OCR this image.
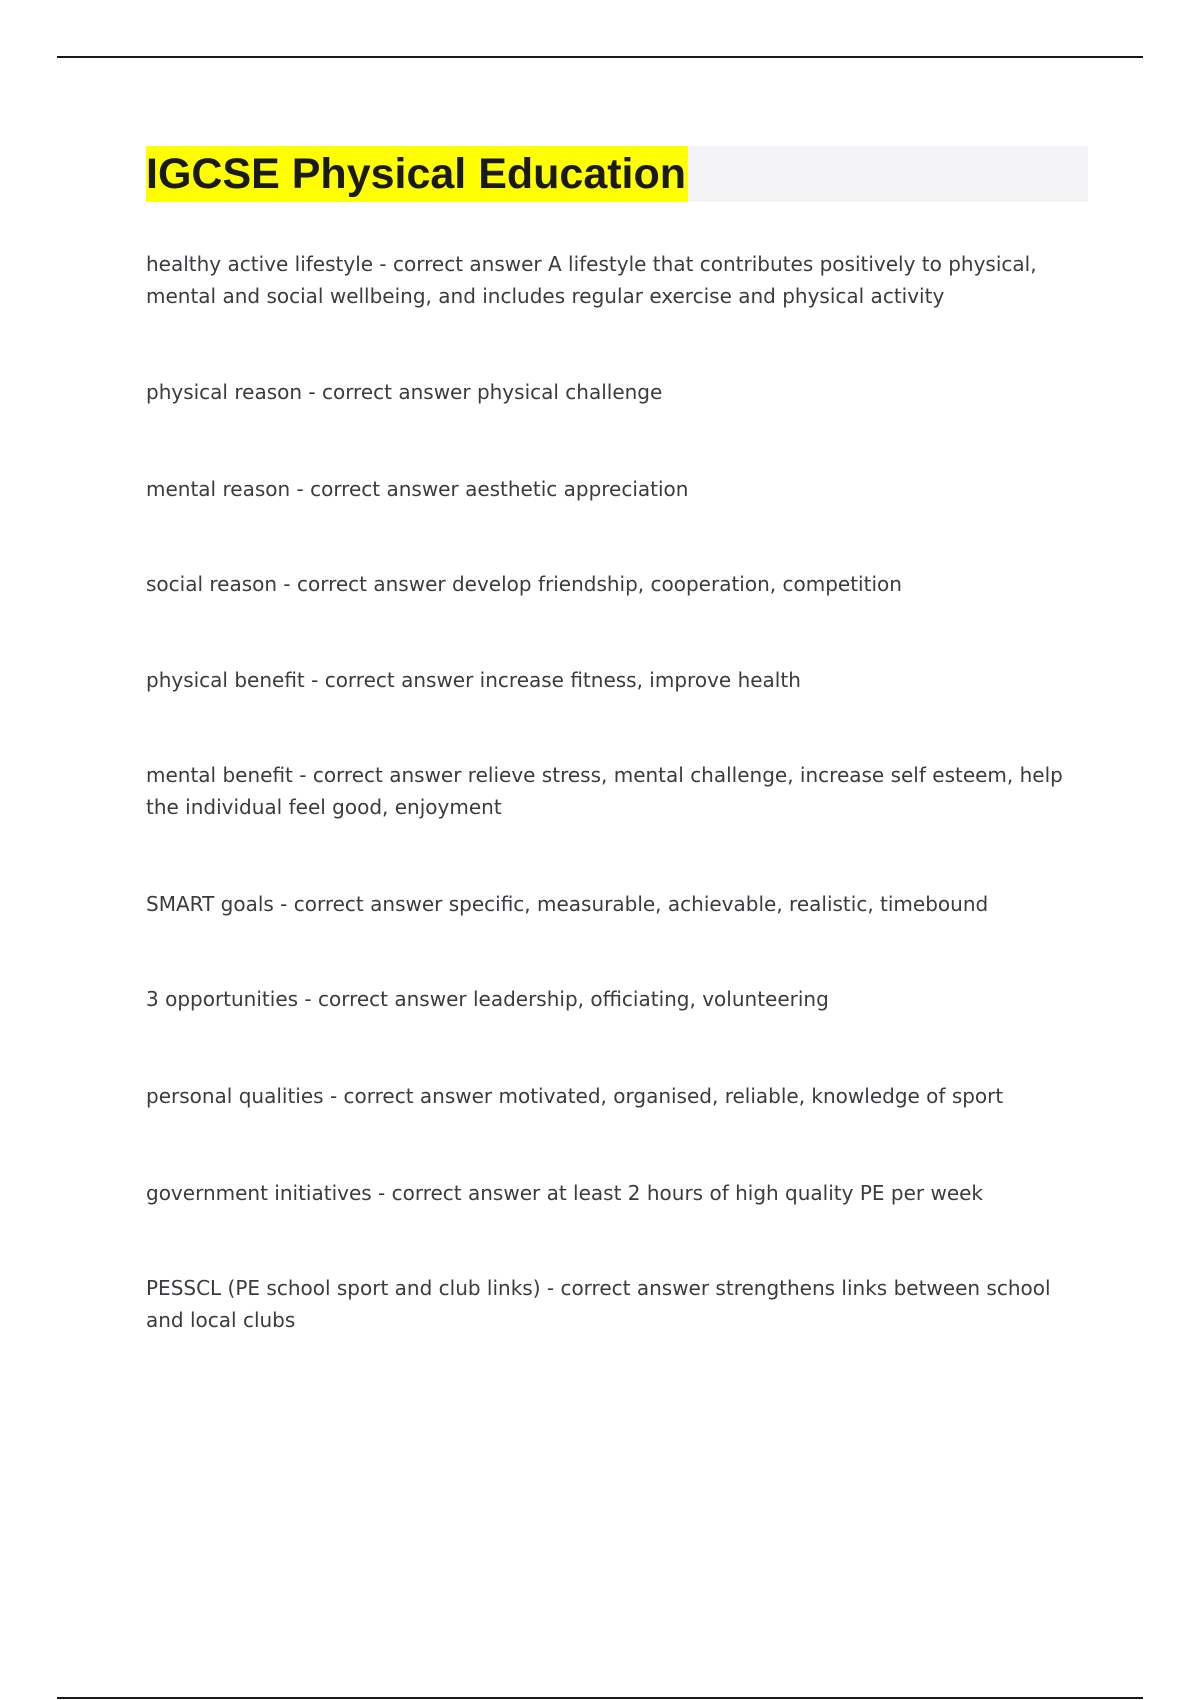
IGCSE Physical Education

healthy active lifestyle - correct answer A lifestyle that contributes positively to physical, mental and social wellbeing, and includes regular exercise and physical activity

physical reason - correct answer physical challenge

mental reason - correct answer aesthetic appreciation

social reason - correct answer develop friendship, cooperation, competition

physical benefit - correct answer increase fitness, improve health

mental benefit - correct answer relieve stress, mental challenge, increase self esteem, help the individual feel good, enjoyment

SMART goals - correct answer specific, measurable, achievable, realistic, timebound

3 opportunities - correct answer leadership, officiating, volunteering

personal qualities - correct answer motivated, organised, reliable, knowledge of sport

government initiatives - correct answer at least 2 hours of high quality PE per week

PESSCL (PE school sport and club links) - correct answer strengthens links between school and local clubs
